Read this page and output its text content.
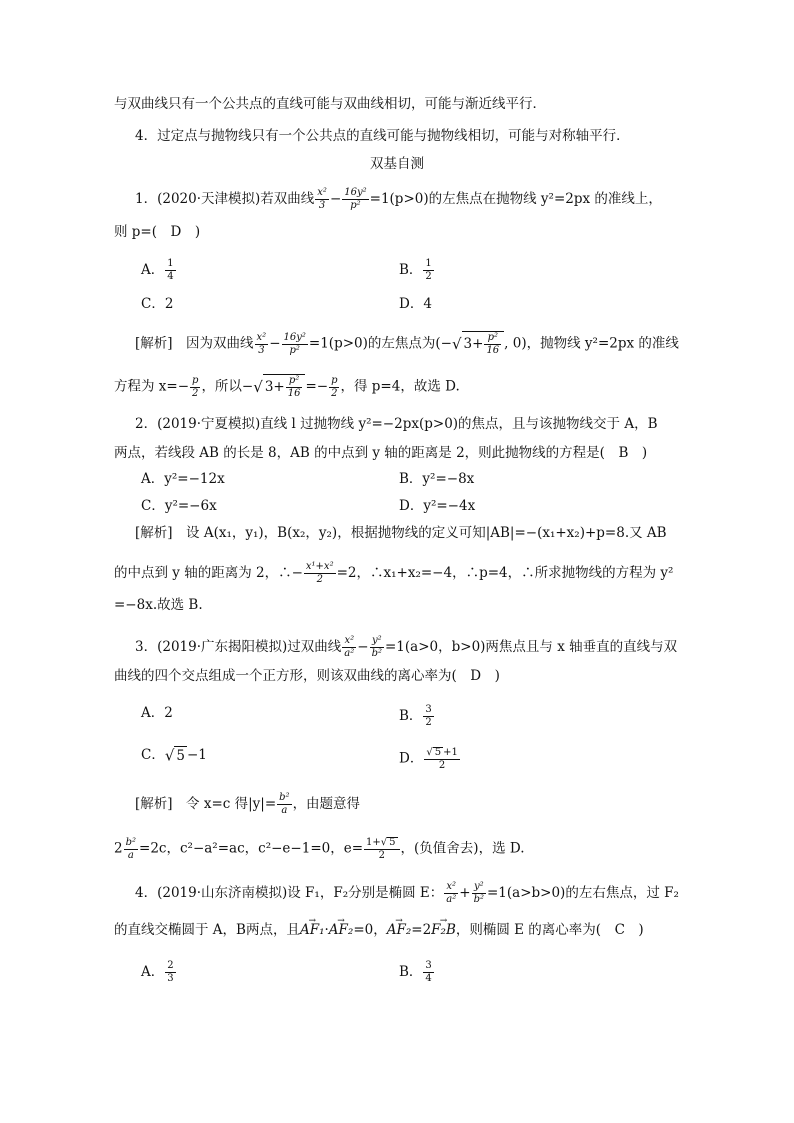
与双曲线只有一个公共点的直线可能与双曲线相切，可能与渐近线平行．
4．过定点与抛物线只有一个公共点的直线可能与抛物线相切，可能与对称轴平行．
双基自测
1．(2020·天津模拟)若双曲线 $\frac{\text{x²}}{3} - \frac{\text{16y²}}{\text{p²}} =1(p>0)$的左焦点在抛物线 y²=2px 的准线上，
则 p=(　D　)
A． $\frac{1}{4}$	B． $\frac{1}{2}$
C．2	D．4
[解析]　因为双曲线 $\frac{\text{x²}}{3} - \frac{\text{16y²}}{\text{p²}} =1(p>0)$的左焦点为(−√ $3+ \frac{\text{p²}}{16}$ , 0)，抛物线 y²=2px 的准线
方程为 $x=- \frac{p}{2}$ ，所以−√ $3+ \frac{\text{p²}}{16} =- \frac{p}{2}$ ，得 p=4，故选 D.
2．(2019·宁夏模拟)直线 l 过抛物线 y²=−2px(p>0)的焦点，且与该抛物线交于 A，B
两点，若线段 AB 的长是 8，AB 的中点到 y 轴的距离是 2，则此抛物线的方程是(　B　)
A．y²=−12x	B．y²=−8x
C．y²=−6x	D．y²=−4x
[解析]　设 A(x₁，y₁)，B(x₂，y₂)，根据抛物线的定义可知|AB|=−(x₁+x₂)+p=8.又 AB
的中点到 y 轴的距离为 2，∴− $\frac{\text{x¹+x²}}{2} =2$，∴x₁+x₂=−4，∴p=4，∴所求抛物线的方程为 y²
=−8x.故选 B.
3．(2019·广东揭阳模拟)过双曲线 $\frac{\text{x²}}{\text{a²}} - \frac{\text{y²}}{\text{b²}} =1(a>0$，b>0)两焦点且与 x 轴垂直的直线与双
曲线的四个交点组成一个正方形，则该双曲线的离心率为(　D　)
A．2	B． $\frac{3}{2}$
C．√ 5 −1	D． $\frac{√ 5 +1}{2}$
[解析]　令 x=c 得$|y|= \frac{\text{b²}}{a}$ ，由题意得
$2 \frac{\text{b²}}{a} =2c$，c²−a²=ac，c²−e−1=0，$e= \frac{1+√ 5}{2}$ ，(负值舍去)，选 D.
4．(2019·山东济南模拟)设 F₁，F₂分别是椭圆 E： $\frac{\text{x²}}{\text{a²}} + \frac{\text{y²}}{\text{b²}} =1(a>b>0)$的左右焦点，过 F₂
的直线交椭圆于 A，B两点，且→ AF₁·→ AF₂=0，→ AF₂=2→ F₂B，则椭圆 E 的离心率为(　C　)
A． $\frac{2}{3}$	B． $\frac{3}{4}$
